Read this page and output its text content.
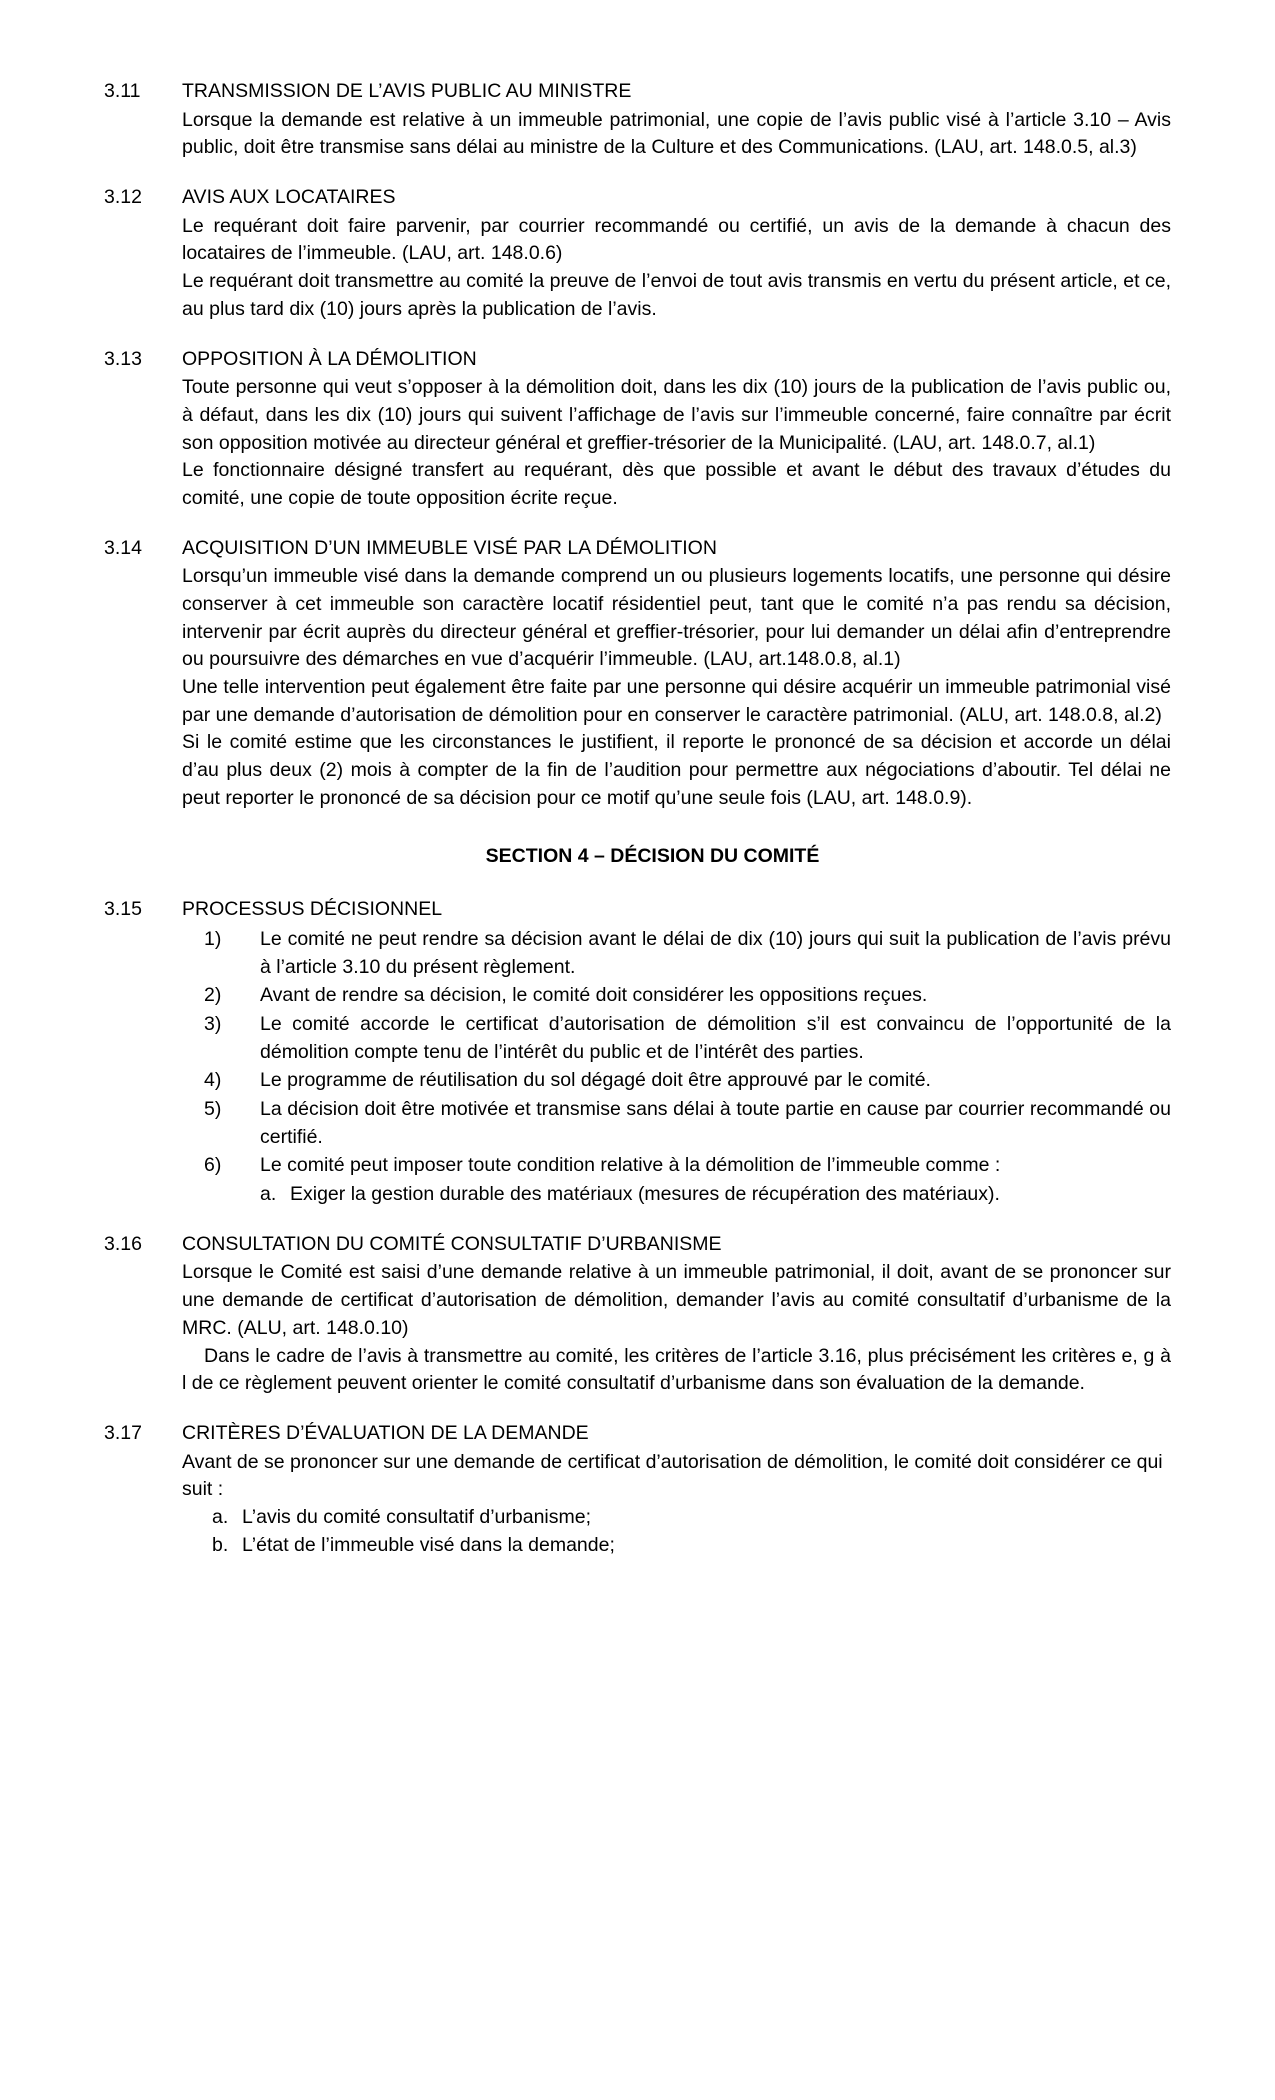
3.11	TRANSMISSION DE L’AVIS PUBLIC AU MINISTRE

Lorsque la demande est relative à un immeuble patrimonial, une copie de l’avis public visé à l’article 3.10 – Avis public, doit être transmise sans délai au ministre de la Culture et des Communications. (LAU, art. 148.0.5, al.3)

3.12	AVIS AUX LOCATAIRES

Le requérant doit faire parvenir, par courrier recommandé ou certifié, un avis de la demande à chacun des locataires de l’immeuble. (LAU, art. 148.0.6)

Le requérant doit transmettre au comité la preuve de l’envoi de tout avis transmis en vertu du présent article, et ce, au plus tard dix (10) jours après la publication de l’avis.

3.13	OPPOSITION À LA DÉMOLITION

Toute personne qui veut s’opposer à la démolition doit, dans les dix (10) jours de la publication de l’avis public ou, à défaut, dans les dix (10) jours qui suivent l’affichage de l’avis sur l’immeuble concerné, faire connaître par écrit son opposition motivée au directeur général et greffier-trésorier de la Municipalité. (LAU, art. 148.0.7, al.1)

Le fonctionnaire désigné transfert au requérant, dès que possible et avant le début des travaux d’études du comité, une copie de toute opposition écrite reçue.

3.14	ACQUISITION D’UN IMMEUBLE VISÉ PAR LA DÉMOLITION

Lorsqu’un immeuble visé dans la demande comprend un ou plusieurs logements locatifs, une personne qui désire conserver à cet immeuble son caractère locatif résidentiel peut, tant que le comité n’a pas rendu sa décision, intervenir par écrit auprès du directeur général et greffier-trésorier, pour lui demander un délai afin d’entreprendre ou poursuivre des démarches en vue d’acquérir l’immeuble. (LAU, art.148.0.8, al.1)

Une telle intervention peut également être faite par une personne qui désire acquérir un immeuble patrimonial visé par une demande d’autorisation de démolition pour en conserver le caractère patrimonial. (ALU, art. 148.0.8, al.2)

Si le comité estime que les circonstances le justifient, il reporte le prononcé de sa décision et accorde un délai d’au plus deux (2) mois à compter de la fin de l’audition pour permettre aux négociations d’aboutir. Tel délai ne peut reporter le prononcé de sa décision pour ce motif qu’une seule fois (LAU, art. 148.0.9).

SECTION 4 – DÉCISION DU COMITÉ
3.15	PROCESSUS DÉCISIONNEL
1)	Le comité ne peut rendre sa décision avant le délai de dix (10) jours qui suit la publication de l’avis prévu à l’article 3.10 du présent règlement.
2)	Avant de rendre sa décision, le comité doit considérer les oppositions reçues.
3)	Le comité accorde le certificat d’autorisation de démolition s’il est convaincu de l’opportunité de la démolition compte tenu de l’intérêt du public et de l’intérêt des parties.
4)	Le programme de réutilisation du sol dégagé doit être approuvé par le comité.
5)	La décision doit être motivée et transmise sans délai à toute partie en cause par courrier recommandé ou certifié.
6)	Le comité peut imposer toute condition relative à la démolition de l’immeuble comme :
a. Exiger la gestion durable des matériaux (mesures de récupération des matériaux).
3.16	CONSULTATION DU COMITÉ CONSULTATIF D’URBANISME

Lorsque le Comité est saisi d’une demande relative à un immeuble patrimonial, il doit, avant de se prononcer sur une demande de certificat d’autorisation de démolition, demander l’avis au comité consultatif d’urbanisme de la MRC. (ALU, art. 148.0.10)

Dans le cadre de l’avis à transmettre au comité, les critères de l’article 3.16, plus précisément les critères e, g à l de ce règlement peuvent orienter le comité consultatif d’urbanisme dans son évaluation de la demande.

3.17	CRITÈRES D’ÉVALUATION DE LA DEMANDE

Avant de se prononcer sur une demande de certificat d’autorisation de démolition, le comité doit considérer ce qui suit :

a. L’avis du comité consultatif d’urbanisme;
b. L’état de l’immeuble visé dans la demande;
